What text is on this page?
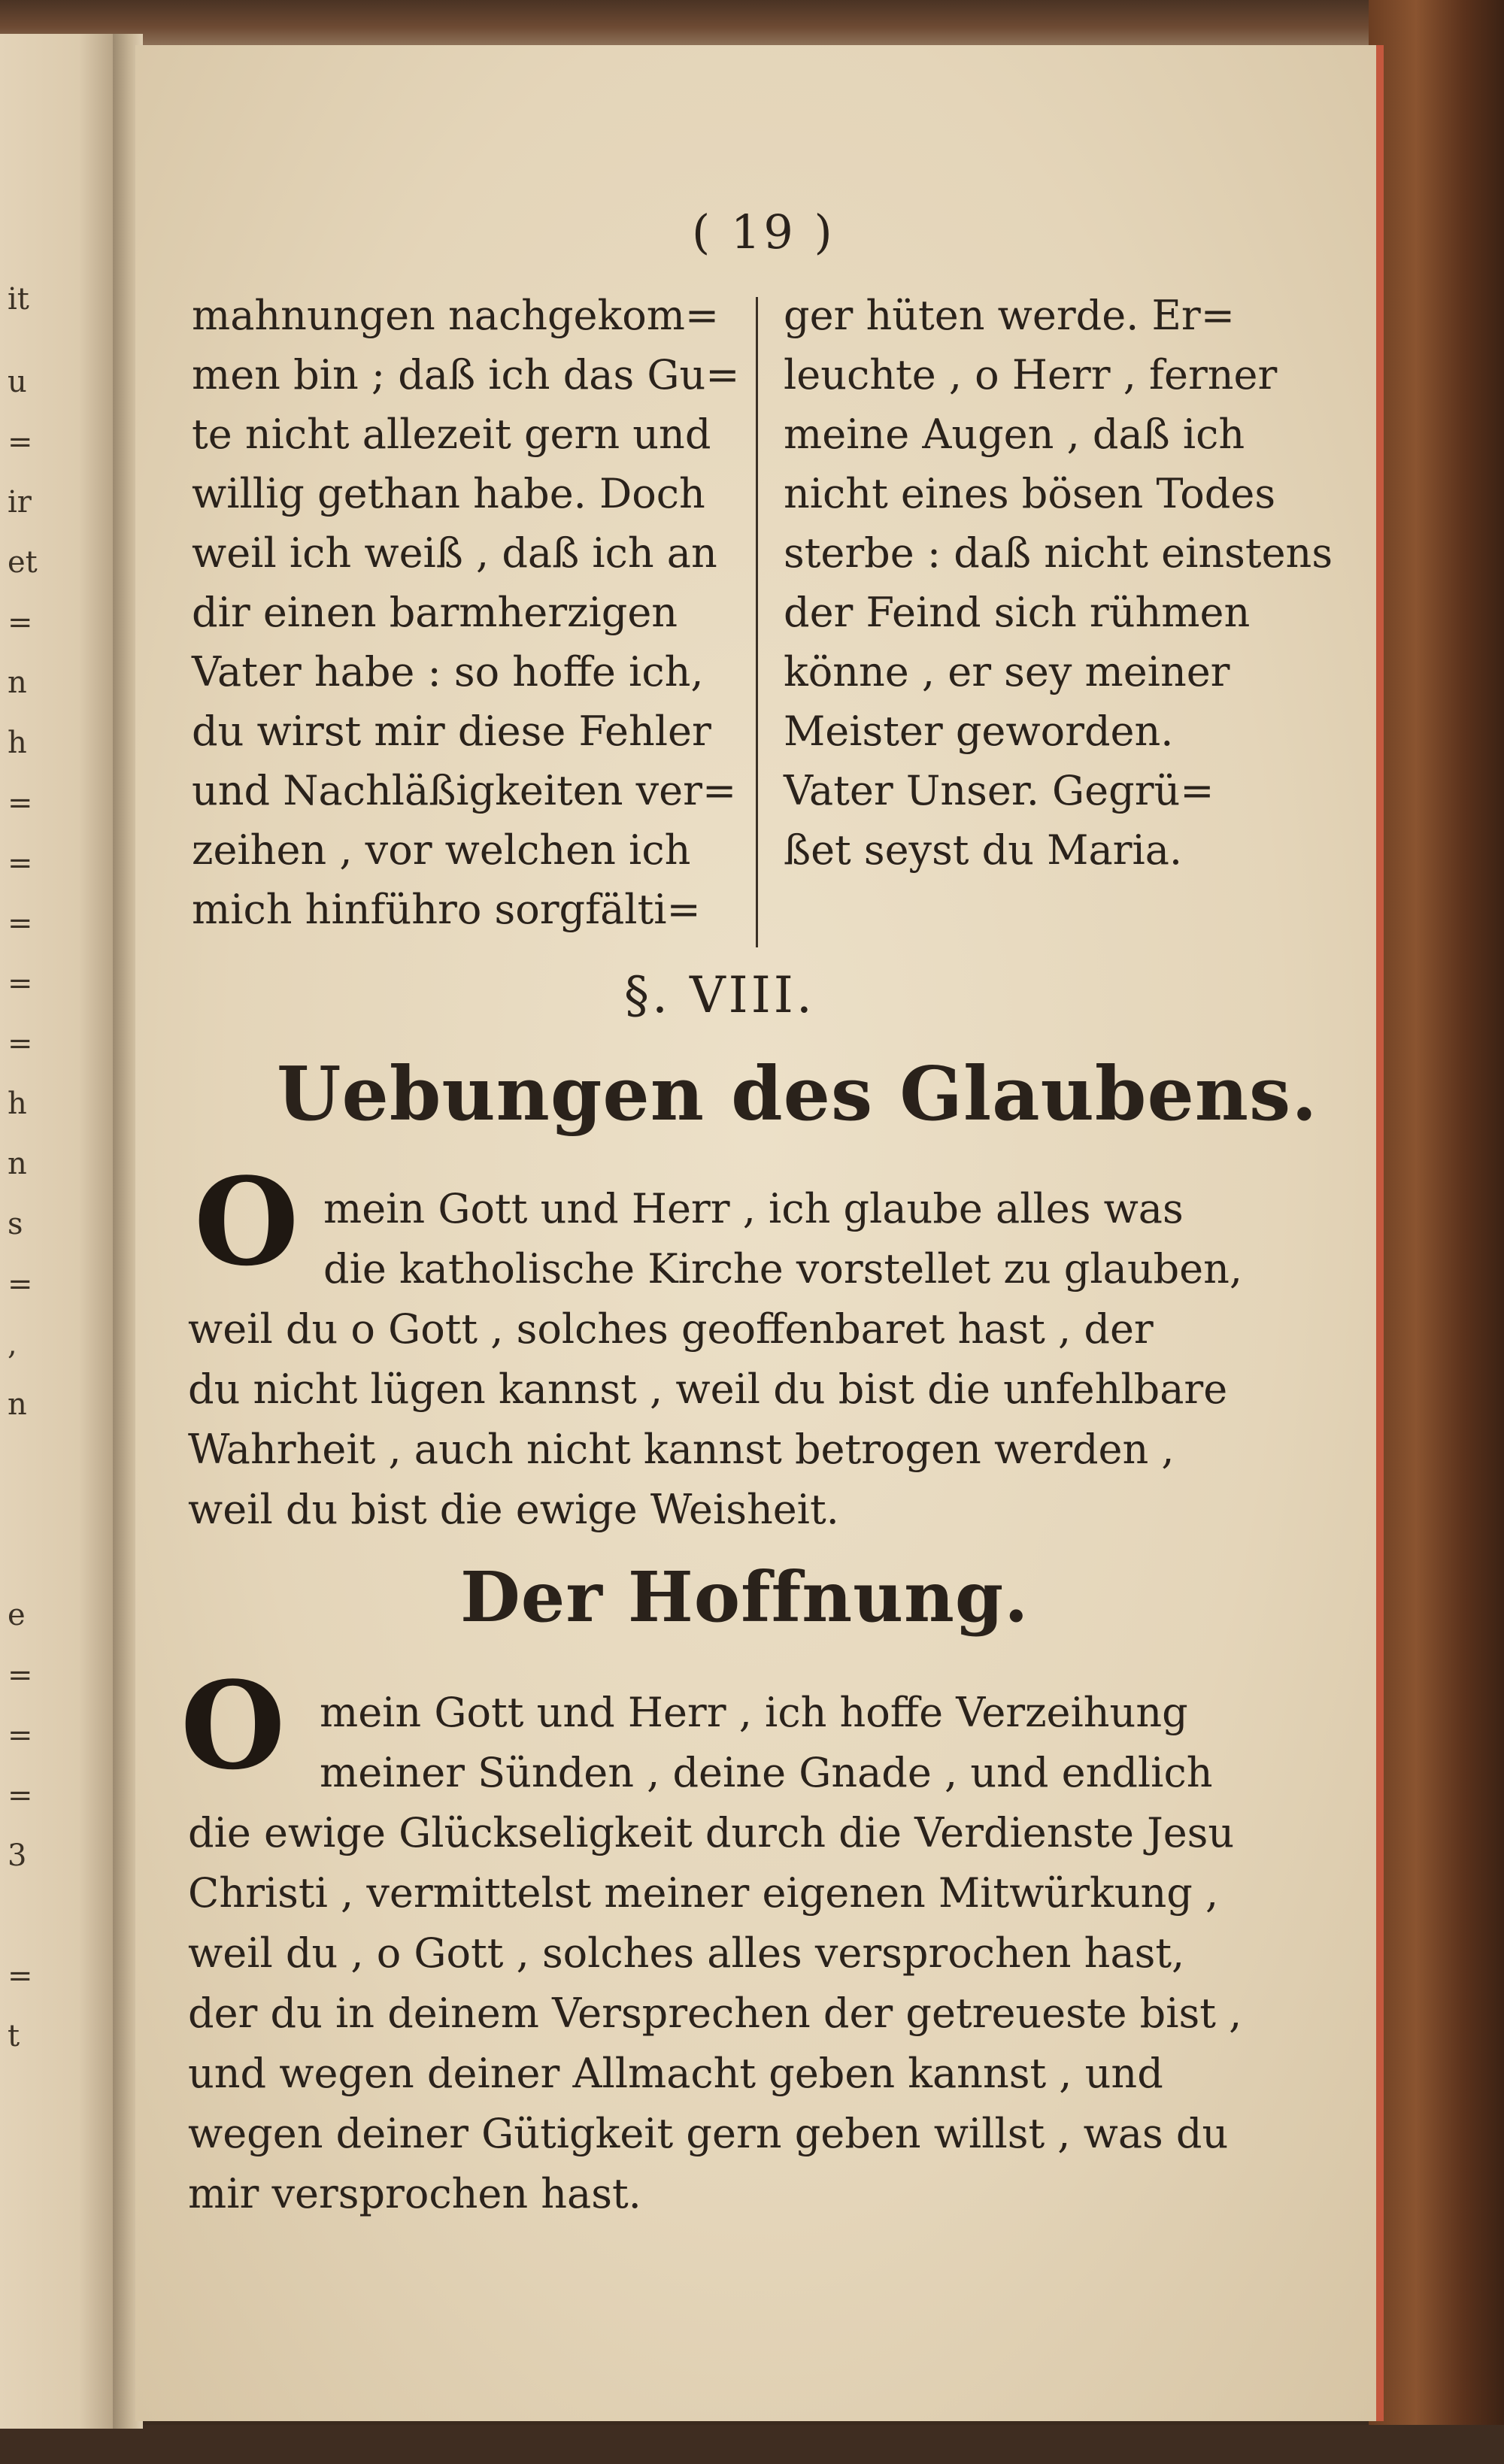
it
u
=
ir
et
=
n
h
=
=
=
=
=
h
n
s
=
,
n
e
=
=
=
3
=
t
( 19 )
mahnungen nachgekom=
men bin ; daß ich das Gu=
te nicht allezeit gern und
willig gethan habe. Doch
weil ich weiß , daß ich an
dir einen barmherzigen
Vater habe : so hoffe ich,
du wirst mir diese Fehler
und Nachläßigkeiten ver=
zeihen , vor welchen ich
mich hinführo sorgfälti=
ger hüten werde. Er=
leuchte , o Herr , ferner
meine Augen , daß ich
nicht eines bösen Todes
sterbe : daß nicht einstens
der Feind sich rühmen
könne , er sey meiner
Meister geworden.
Vater Unser. Gegrü=
ßet seyst du Maria.
§. VIII.
Uebungen des Glaubens.
O mein Gott und Herr , ich glaube alles was
die katholische Kirche vorstellet zu glauben,
weil du o Gott , solches geoffenbaret hast , der
du nicht lügen kannst , weil du bist die unfehlbare
Wahrheit , auch nicht kannst betrogen werden ,
weil du bist die ewige Weisheit.
Der Hoffnung.
O mein Gott und Herr , ich hoffe Verzeihung
meiner Sünden , deine Gnade , und endlich
die ewige Glückseligkeit durch die Verdienste Jesu
Christi , vermittelst meiner eigenen Mitwürkung ,
weil du , o Gott , solches alles versprochen hast,
der du in deinem Versprechen der getreueste bist ,
und wegen deiner Allmacht geben kannst , und
wegen deiner Gütigkeit gern geben willst , was du
mir versprochen hast.
